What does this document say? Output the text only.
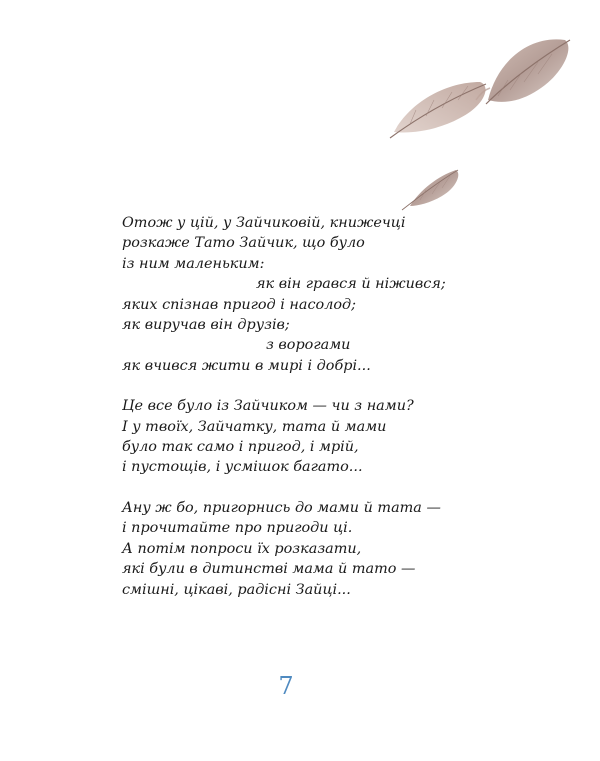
Отож у цій, у Зайчиковій, книжечці
розкаже Тато Зайчик, що було
із ним маленьким:
як він грався й ніжився;
яких спізнав пригод і насолод;
як виручав він друзів;
з ворогами
як вчився жити в мирі і добрі...
Це все було із Зайчиком — чи з нами?
І у твоїх, Зайчатку, тата й мами
було так само і пригод, і мрій,
і пустощів, і усмішок багато...
Ану ж бо, пригорнись до мами й тата —
і прочитайте про пригоди ці.
А потім попроси їх розказати,
які були в дитинстві мама й тато —
смішні, цікаві, радісні Зайці...
7
